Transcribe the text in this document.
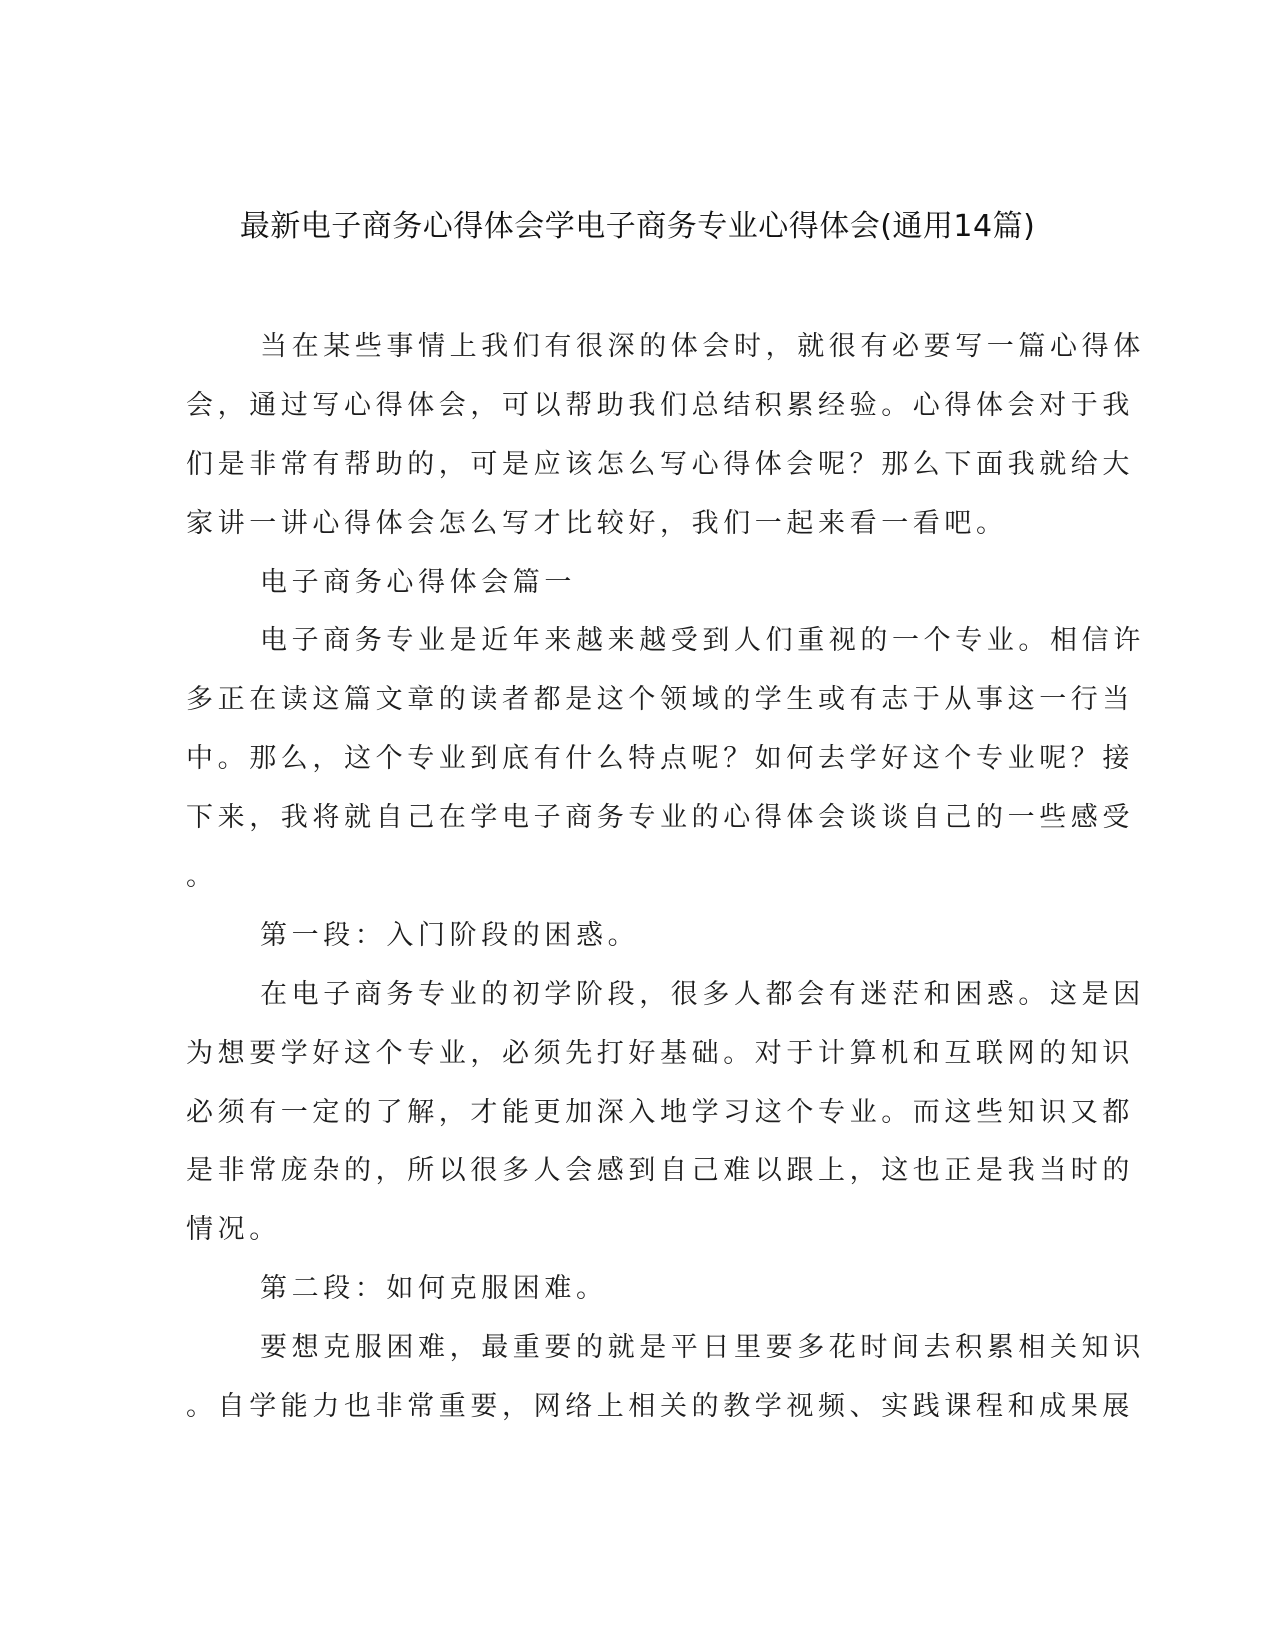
最新电子商务心得体会学电子商务专业心得体会(通用14篇)
当在某些事情上我们有很深的体会时，就很有必要写一篇心得体
会，通过写心得体会，可以帮助我们总结积累经验。心得体会对于我
们是非常有帮助的，可是应该怎么写心得体会呢？那么下面我就给大
家讲一讲心得体会怎么写才比较好，我们一起来看一看吧。
电子商务心得体会篇一
电子商务专业是近年来越来越受到人们重视的一个专业。相信许
多正在读这篇文章的读者都是这个领域的学生或有志于从事这一行当
中。那么，这个专业到底有什么特点呢？如何去学好这个专业呢？接
下来，我将就自己在学电子商务专业的心得体会谈谈自己的一些感受
。
第一段：入门阶段的困惑。
在电子商务专业的初学阶段，很多人都会有迷茫和困惑。这是因
为想要学好这个专业，必须先打好基础。对于计算机和互联网的知识
必须有一定的了解，才能更加深入地学习这个专业。而这些知识又都
是非常庞杂的，所以很多人会感到自己难以跟上，这也正是我当时的
情况。
第二段：如何克服困难。
要想克服困难，最重要的就是平日里要多花时间去积累相关知识
。自学能力也非常重要，网络上相关的教学视频、实践课程和成果展
